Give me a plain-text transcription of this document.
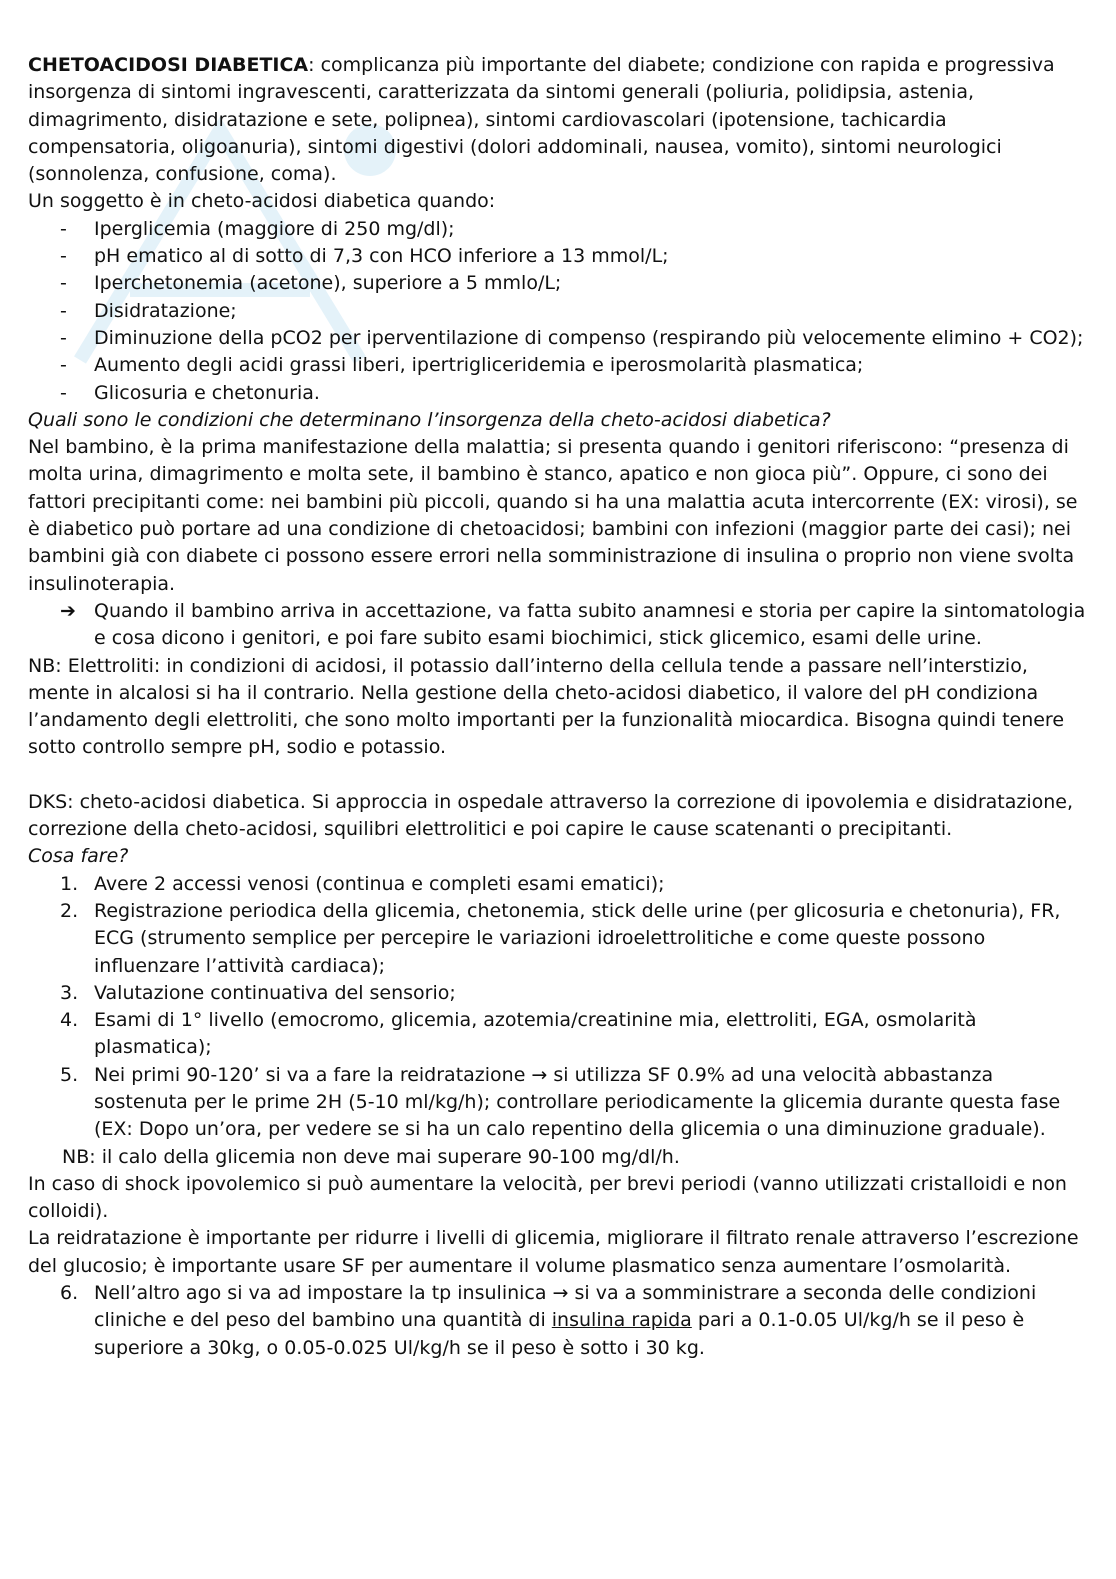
CHETOACIDOSI DIABETICA: complicanza più importante del diabete; condizione con rapida e progressiva insorgenza di sintomi ingravescenti, caratterizzata da sintomi generali (poliuria, polidipsia, astenia, dimagrimento, disidratazione e sete, polipnea), sintomi cardiovascolari (ipotensione, tachicardia compensatoria, oligoanuria), sintomi digestivi (dolori addominali, nausea, vomito), sintomi neurologici (sonnolenza, confusione, coma).

Un soggetto è in cheto-acidosi diabetica quando:

- Iperglicemia (maggiore di 250 mg/dl);

- pH ematico al di sotto di 7,3 con HCO inferiore a 13 mmol/L;

- Iperchetonemia (acetone), superiore a 5 mmlo/L;

- Disidratazione;

- Diminuzione della pCO2 per iperventilazione di compenso (respirando più velocemente elimino + CO2);

- Aumento degli acidi grassi liberi, ipertrigliceridemia e iperosmolarità plasmatica;

- Glicosuria e chetonuria.

Quali sono le condizioni che determinano l’insorgenza della cheto-acidosi diabetica?

Nel bambino, è la prima manifestazione della malattia; si presenta quando i genitori riferiscono: “presenza di molta urina, dimagrimento e molta sete, il bambino è stanco, apatico e non gioca più”. Oppure, ci sono dei fattori precipitanti come: nei bambini più piccoli, quando si ha una malattia acuta intercorrente (EX: virosi), se è diabetico può portare ad una condizione di chetoacidosi; bambini con infezioni (maggior parte dei casi); nei bambini già con diabete ci possono essere errori nella somministrazione di insulina o proprio non viene svolta insulinoterapia.

➔ Quando il bambino arriva in accettazione, va fatta subito anamnesi e storia per capire la sintomatologia e cosa dicono i genitori, e poi fare subito esami biochimici, stick glicemico, esami delle urine.

NB: Elettroliti: in condizioni di acidosi, il potassio dall’interno della cellula tende a passare nell’interstizio, mente in alcalosi si ha il contrario. Nella gestione della cheto-acidosi diabetico, il valore del pH condiziona l’andamento degli elettroliti, che sono molto importanti per la funzionalità miocardica. Bisogna quindi tenere sotto controllo sempre pH, sodio e potassio.

DKS: cheto-acidosi diabetica. Si approccia in ospedale attraverso la correzione di ipovolemia e disidratazione, correzione della cheto-acidosi, squilibri elettrolitici e poi capire le cause scatenanti o precipitanti.

Cosa fare?

1. Avere 2 accessi venosi (continua e completi esami ematici);

2. Registrazione periodica della glicemia, chetonemia, stick delle urine (per glicosuria e chetonuria), FR, ECG (strumento semplice per percepire le variazioni idroelettrolitiche e come queste possono influenzare l’attività cardiaca);

3. Valutazione continuativa del sensorio;

4. Esami di 1° livello (emocromo, glicemia, azotemia/creatinine mia, elettroliti, EGA, osmolarità plasmatica);

5. Nei primi 90-120’ si va a fare la reidratazione → si utilizza SF 0.9% ad una velocità abbastanza sostenuta per le prime 2H (5-10 ml/kg/h); controllare periodicamente la glicemia durante questa fase (EX: Dopo un’ora, per vedere se si ha un calo repentino della glicemia o una diminuzione graduale).

NB: il calo della glicemia non deve mai superare 90-100 mg/dl/h.

In caso di shock ipovolemico si può aumentare la velocità, per brevi periodi (vanno utilizzati cristalloidi e non colloidi).

La reidratazione è importante per ridurre i livelli di glicemia, migliorare il filtrato renale attraverso l’escrezione del glucosio; è importante usare SF per aumentare il volume plasmatico senza aumentare l’osmolarità.

6. Nell’altro ago si va ad impostare la tp insulinica → si va a somministrare a seconda delle condizioni cliniche e del peso del bambino una quantità di insulina rapida pari a 0.1-0.05 Ul/kg/h se il peso è superiore a 30kg, o 0.05-0.025 Ul/kg/h se il peso è sotto i 30 kg.
